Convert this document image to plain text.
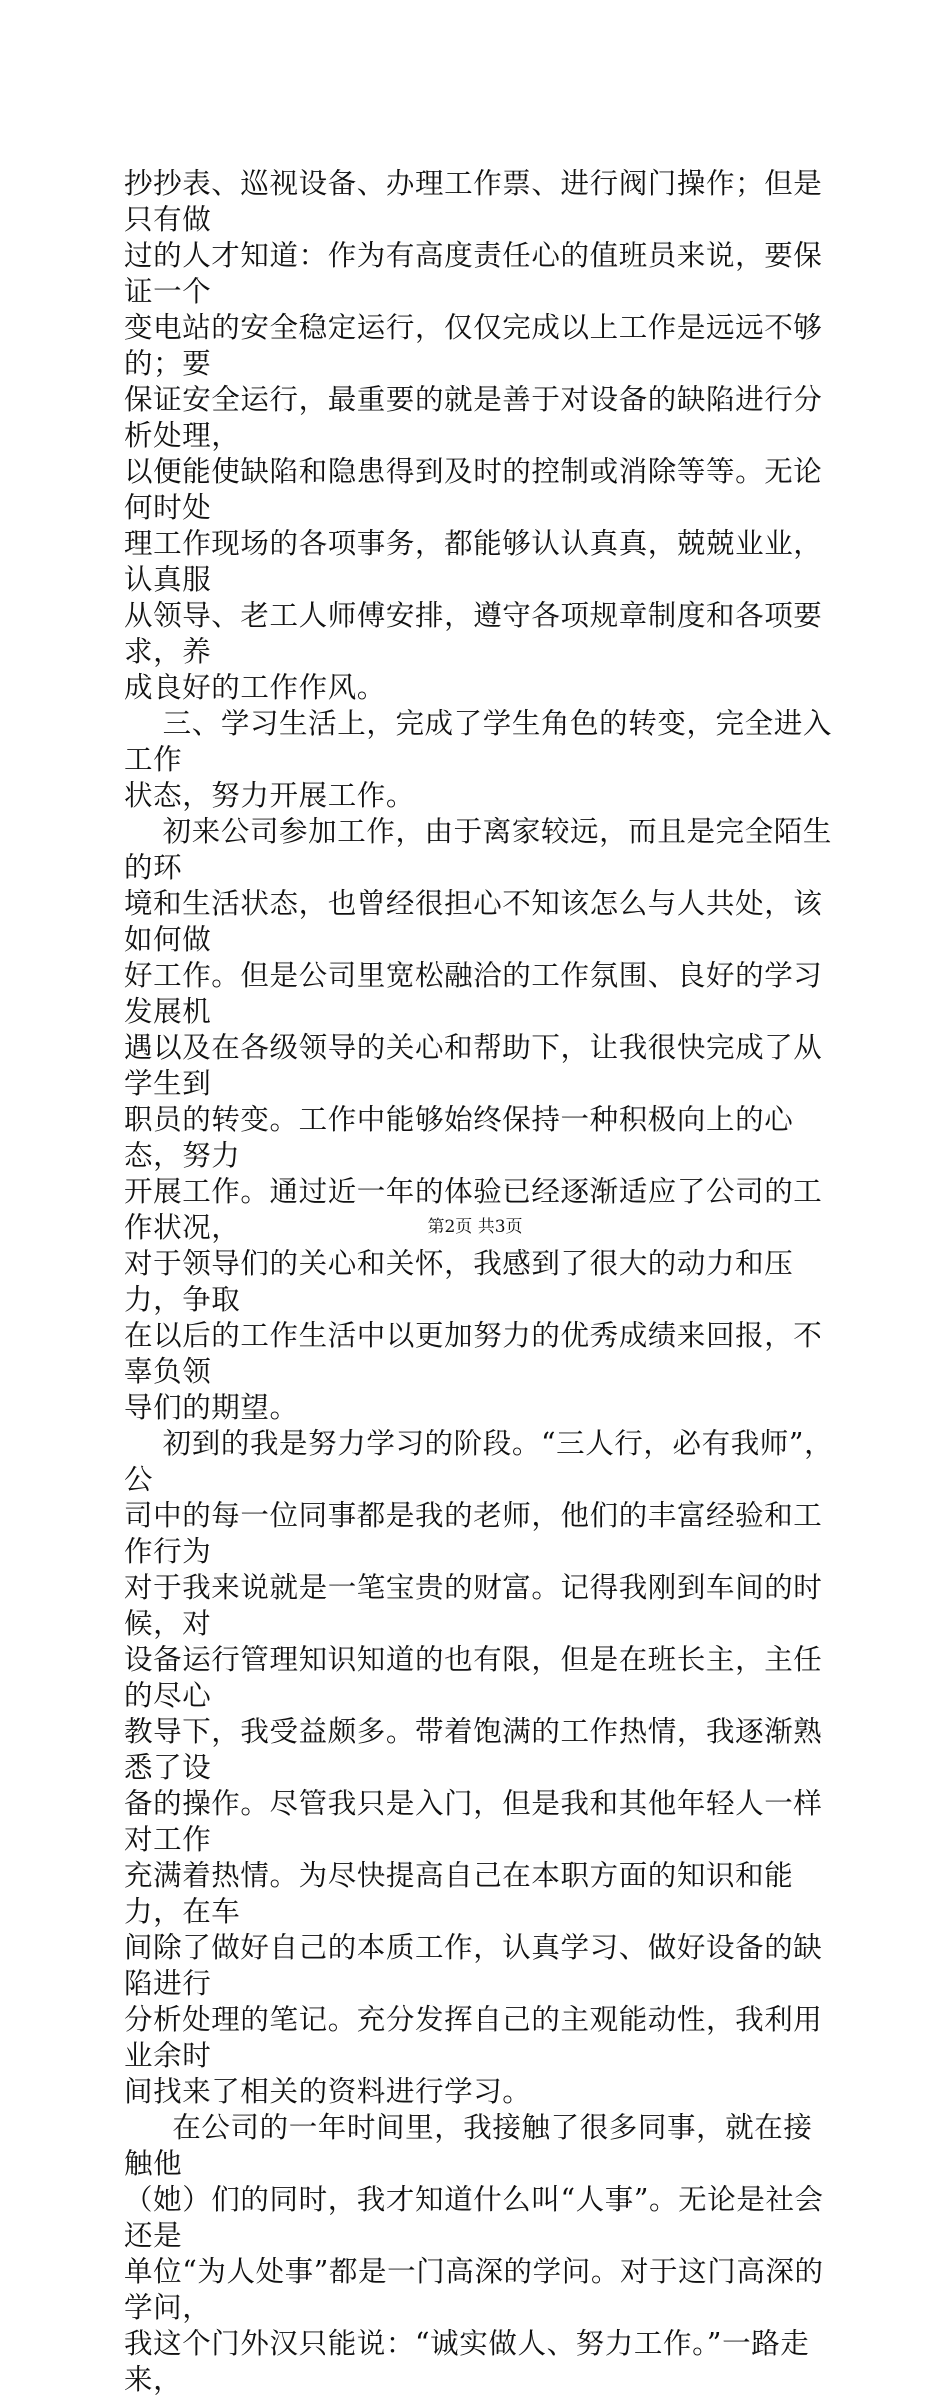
抄抄表、巡视设备、办理工作票、进行阀门操作；但是只有做

过的人才知道：作为有高度责任心的值班员来说，要保证一个

变电站的安全稳定运行，仅仅完成以上工作是远远不够的；要

保证安全运行，最重要的就是善于对设备的缺陷进行分析处理，

以便能使缺陷和隐患得到及时的控制或消除等等。无论何时处

理工作现场的各项事务，都能够认认真真，兢兢业业，认真服

从领导、老工人师傅安排，遵守各项规章制度和各项要求，养

成良好的工作作风。

三、学习生活上，完成了学生角色的转变，完全进入工作

状态，努力开展工作。

初来公司参加工作，由于离家较远，而且是完全陌生的环

境和生活状态，也曾经很担心不知该怎么与人共处，该如何做

好工作。但是公司里宽松融洽的工作氛围、良好的学习发展机

遇以及在各级领导的关心和帮助下，让我很快完成了从学生到

职员的转变。工作中能够始终保持一种积极向上的心态，努力

开展工作。通过近一年的体验已经逐渐适应了公司的工作状况，

对于领导们的关心和关怀，我感到了很大的动力和压力，争取

在以后的工作生活中以更加努力的优秀成绩来回报，不辜负领

导们的期望。

初到的我是努力学习的阶段。“三人行，必有我师”，公

司中的每一位同事都是我的老师，他们的丰富经验和工作行为

对于我来说就是一笔宝贵的财富。记得我刚到车间的时候，对

设备运行管理知识知道的也有限，但是在班长主，主任的尽心

教导下，我受益颇多。带着饱满的工作热情，我逐渐熟悉了设

备的操作。尽管我只是入门，但是我和其他年轻人一样对工作

充满着热情。为尽快提高自己在本职方面的知识和能力，在车

间除了做好自己的本质工作，认真学习、做好设备的缺陷进行

分析处理的笔记。充分发挥自己的主观能动性，我利用业余时

间找来了相关的资料进行学习。

在公司的一年时间里，我接触了很多同事，就在接触他

（她）们的同时，我才知道什么叫“人事”。无论是社会还是

单位“为人处事”都是一门高深的学问。对于这门高深的学问，

我这个门外汉只能说：“诚实做人、努力工作。”一路走来，

第2页 共3页
